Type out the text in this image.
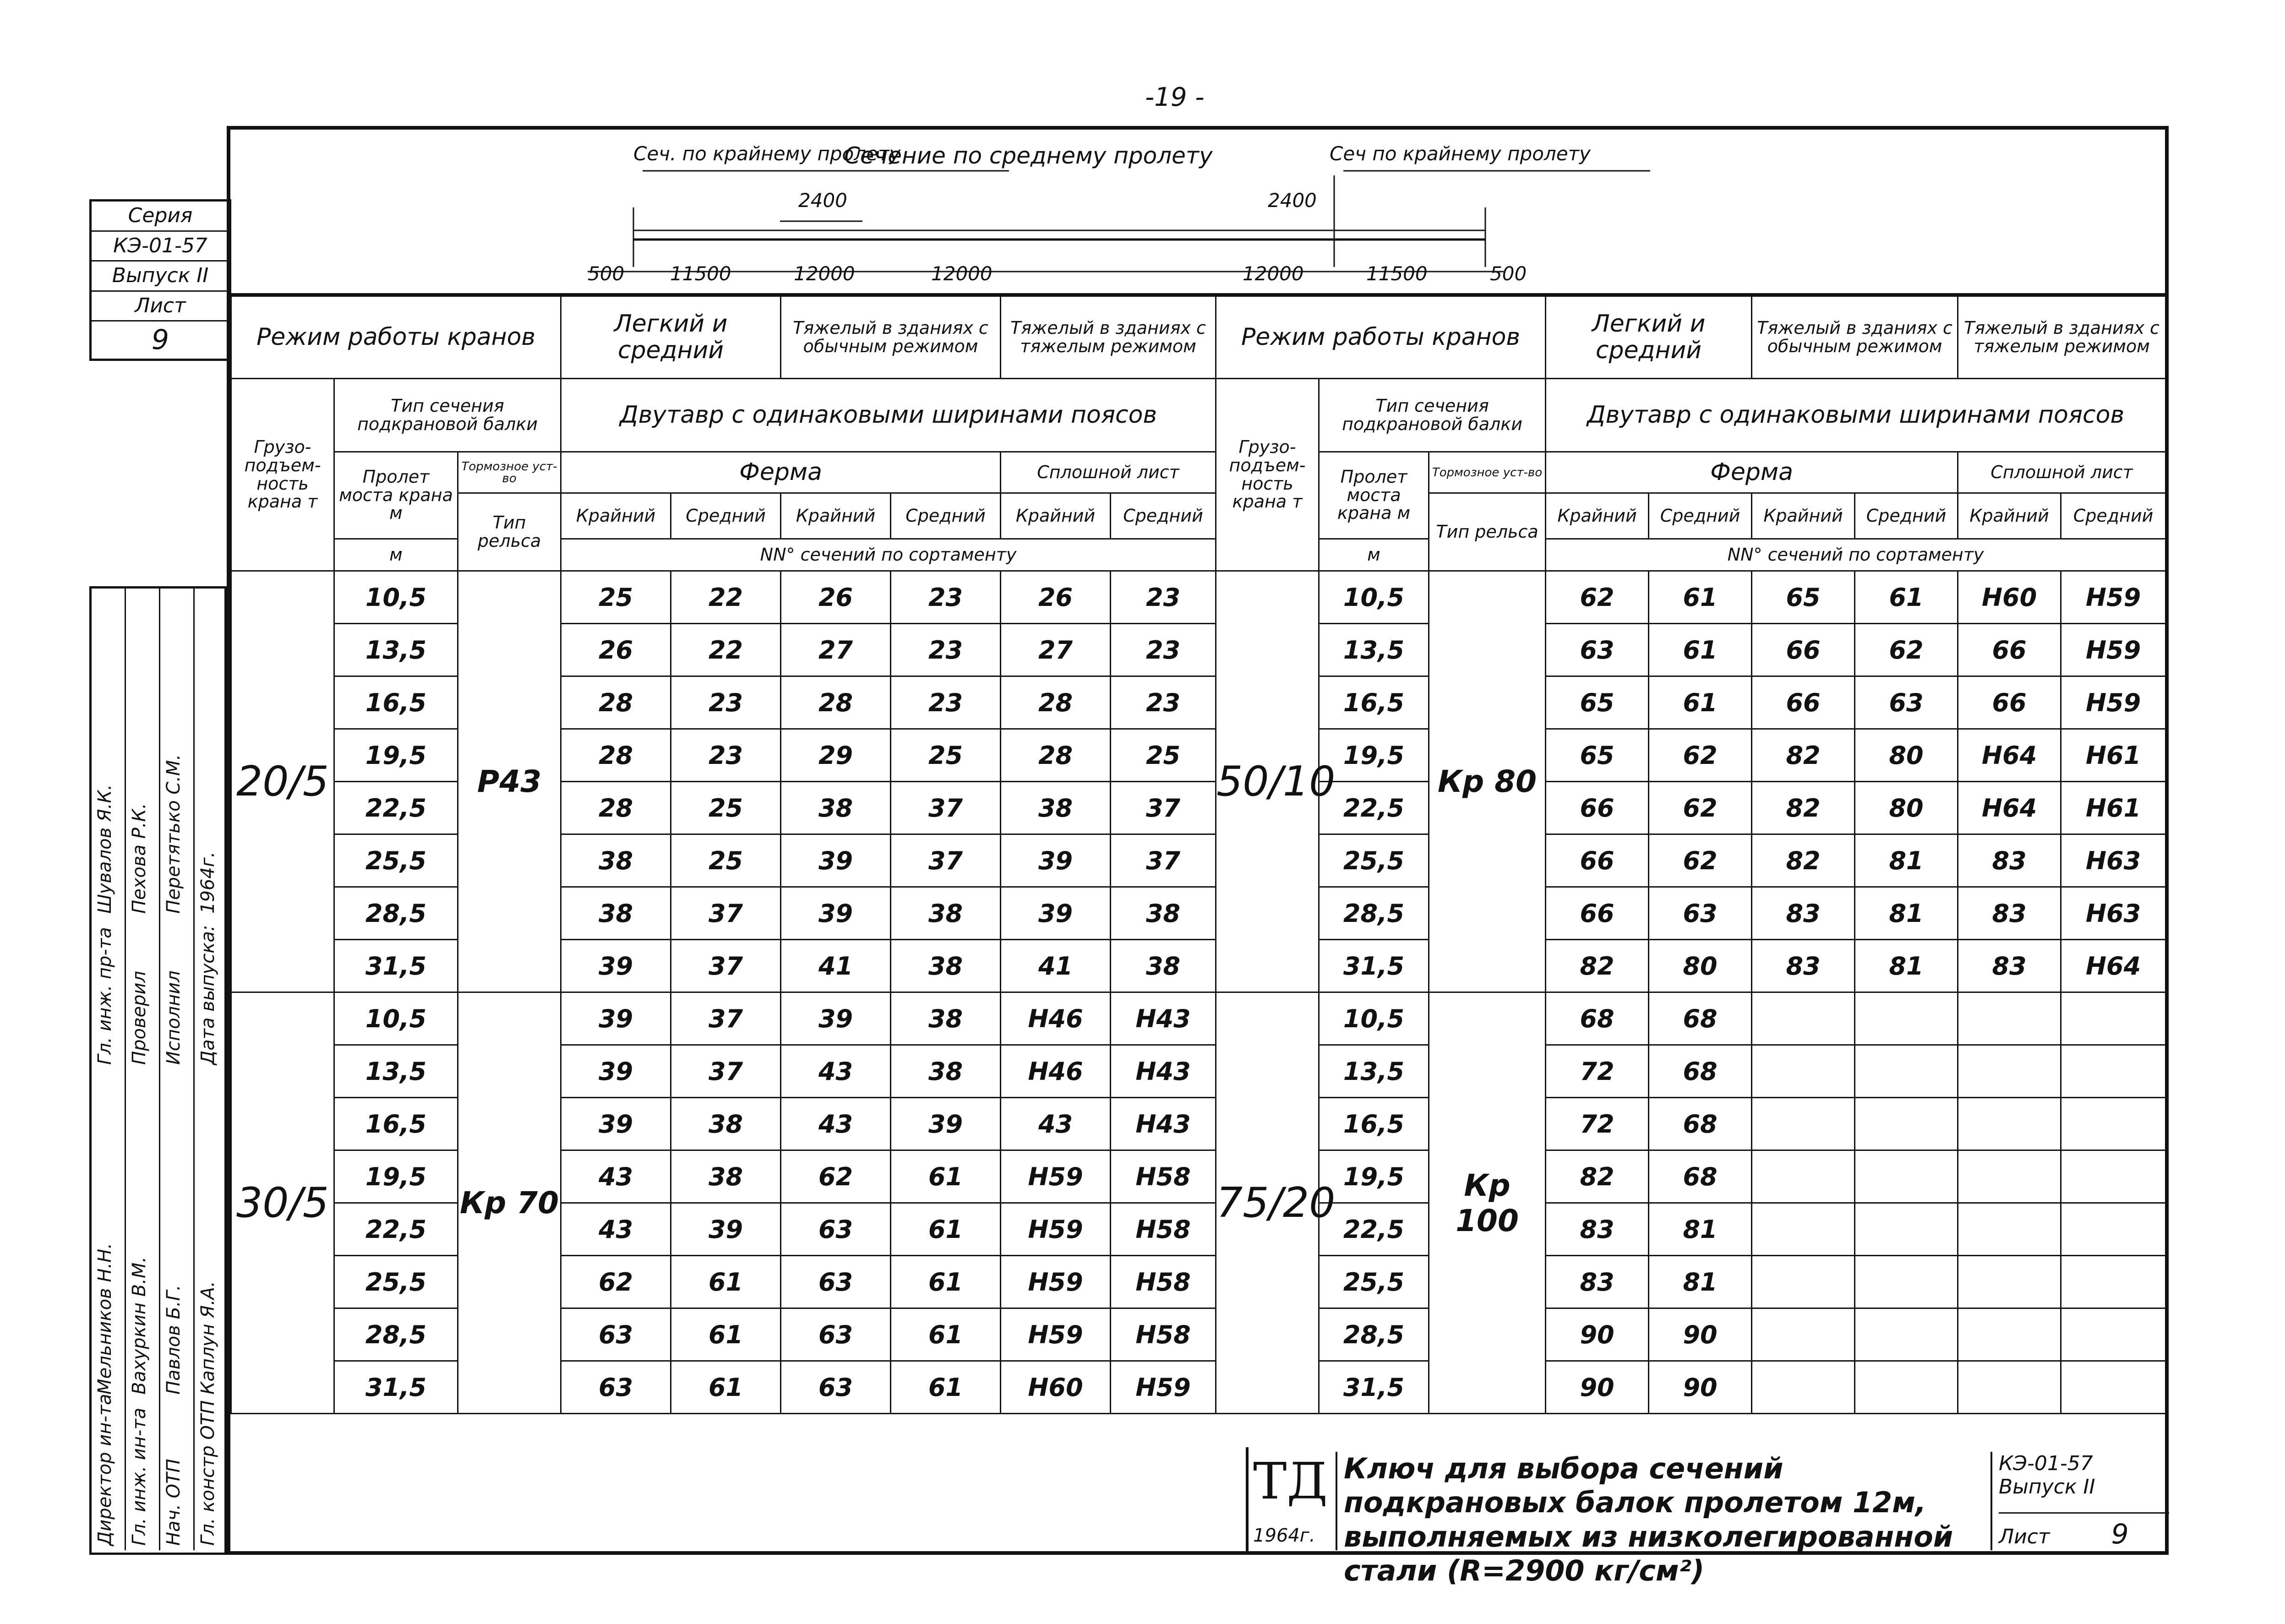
-19 -
Серия
КЭ-01-57
Выпуск II
Лист
9
Сеч. по крайнему пролету
Сечение по среднему пролету	Сеч по крайнему пролету
2400	2400
500 11500	12000	12000	12000	11500	500
Режим работы кранов			Легкий и средний		Тяжелый в зданиях с обычным режимом		Тяжелый в зданиях с тяжелым режимом	
Грузо- подъем- ность крана т	Тип сечения подкрановой балки		Двутавр с одинаковыми ширинами поясов					
	Пролет моста крана м	Тормозное уст-во	Ферма				Сплошной лист	
		Тип рельса	Крайний	Средний	Крайний	Средний	Крайний	Средний
	м		NN° сечений по сортаменту					
20/5	10,5	Р43	25	22	26	23	26	23
	13,5		26	22	27	23	27	23
	16,5		28	23	28	23	28	23
	19,5		28	23	29	25	28	25
	22,5		28	25	38	37	38	37
	25,5		38	25	39	37	39	37
	28,5		38	37	39	38	39	38
	31,5		39	37	41	38	41	38
30/5	10,5	Кр 70	39	37	39	38	Н46	Н43
	13,5		39	37	43	38	Н46	Н43
	16,5		39	38	43	39	43	Н43
	19,5		43	38	62	61	Н59	Н58
	22,5		43	39	63	61	Н59	Н58
	25,5		62	61	63	61	Н59	Н58
	28,5		63	61	63	61	Н59	Н58
	31,5		63	61	63	61	Н60	Н59
Режим работы кранов			Легкий и средний		Тяжелый в зданиях с обычным режимом		Тяжелый в зданиях с тяжелым режимом	
Грузо- подъем- ность крана т	Тип сечения подкрановой балки		Двутавр с одинаковыми ширинами поясов					
	Пролет моста крана м	Тормозное уст-во	Ферма				Сплошной лист	
		Тип рельса	Крайний	Средний	Крайний	Средний	Крайний	Средний
	м		NN° сечений по сортаменту					
50/10	10,5	Кр 80	62	61	65	61	Н60	Н59
	13,5		63	61	66	62	66	Н59
	16,5		65	61	66	63	66	Н59
	19,5		65	62	82	80	Н64	Н61
	22,5		66	62	82	80	Н64	Н61
	25,5		66	62	82	81	83	Н63
	28,5		66	63	83	81	83	Н63
	31,5		82	80	83	81	83	Н64
75/20	10,5	Кр 100	68	68				
	13,5		72	68				
	16,5		72	68				
	19,5		82	68				
	22,5		83	81				
	25,5		83	81				
	28,5		90	90				
	31,5		90	90				
Гл. инж. пр-та
Шувалов Я.К.
Проверил
Пехова Р.К.
Исполнил
Перетятько С.М.
Дата выпуска:
1964г.
Директор ин-та
Мельников Н.Н.
Гл. инж. ин-та
Вахуркин В.М.
Нач. ОТП
Павлов Б.Г.
Гл. констр ОТП
Каплун Я.А.
ТД
1964г.
Ключ для выбора сечений подкрановых балок пролетом 12м, выполняемых из низколегированной стали (R=2900 кг/см²)
КЭ-01-57
Выпуск II
Лист 9
